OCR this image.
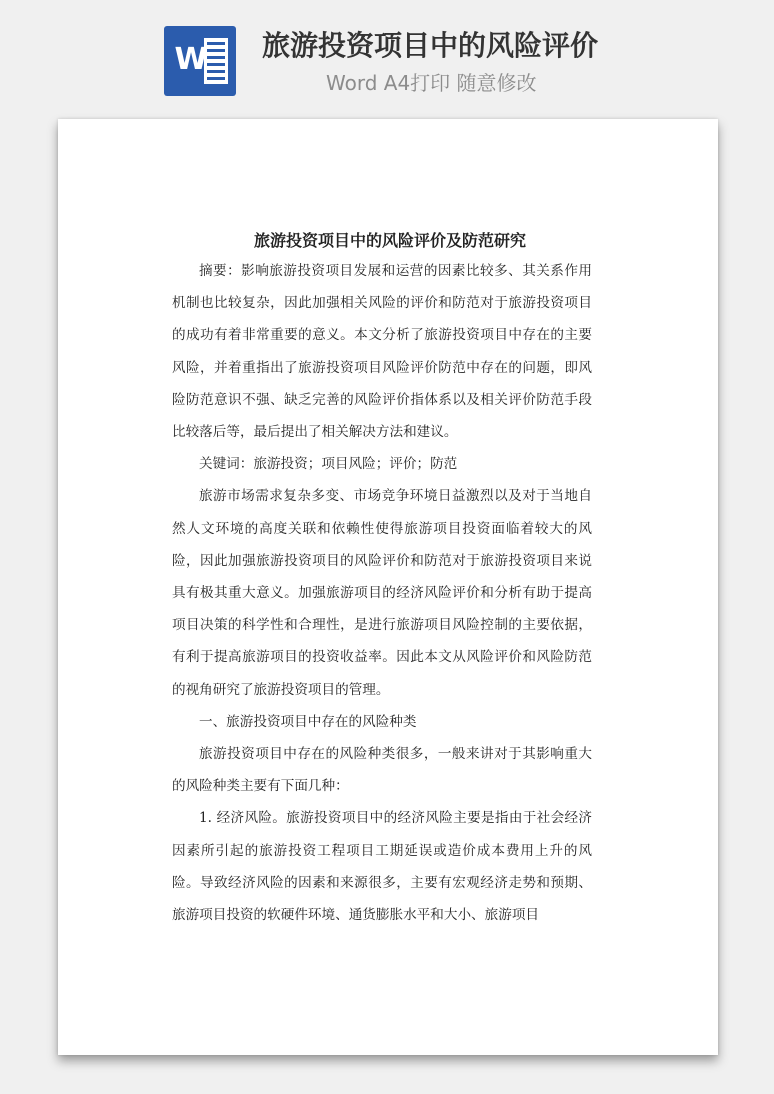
W 旅游投资项目中的风险评价
Word A4打印 随意修改
旅游投资项目中的风险评价及防范研究

摘要：影响旅游投资项目发展和运营的因素比较多、其关系作用机制也比较复杂，因此加强相关风险的评价和防范对于旅游投资项目的成功有着非常重要的意义。本文分析了旅游投资项目中存在的主要风险，并着重指出了旅游投资项目风险评价防范中存在的问题，即风险防范意识不强、缺乏完善的风险评价指体系以及相关评价防范手段比较落后等，最后提出了相关解决方法和建议。

关键词：旅游投资；项目风险；评价；防范

旅游市场需求复杂多变、市场竞争环境日益激烈以及对于当地自然人文环境的高度关联和依赖性使得旅游项目投资面临着较大的风险，因此加强旅游投资项目的风险评价和防范对于旅游投资项目来说具有极其重大意义。加强旅游项目的经济风险评价和分析有助于提高项目决策的科学性和合理性，是进行旅游项目风险控制的主要依据，有利于提高旅游项目的投资收益率。因此本文从风险评价和风险防范的视角研究了旅游投资项目的管理。

一、旅游投资项目中存在的风险种类

旅游投资项目中存在的风险种类很多，一般来讲对于其影响重大的风险种类主要有下面几种：

1. 经济风险。旅游投资项目中的经济风险主要是指由于社会经济因素所引起的旅游投资工程项目工期延误或造价成本费用上升的风险。导致经济风险的因素和来源很多，主要有宏观经济走势和预期、旅游项目投资的软硬件环境、通货膨胀水平和大小、旅游项目
